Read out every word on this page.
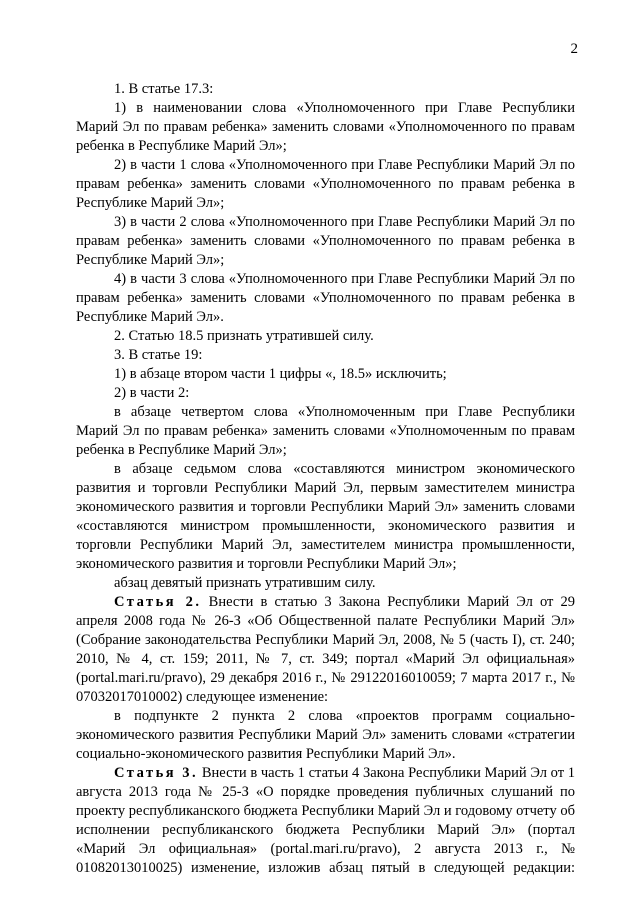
2

1. В статье 17.3:

1) в наименовании слова «Уполномоченного при Главе Республики Марий Эл по правам ребенка» заменить словами «Уполномоченного по правам ребенка в Республике Марий Эл»;

2) в части 1 слова «Уполномоченного при Главе Республики Марий Эл по правам ребенка» заменить словами «Уполномоченного по правам ребенка в Республике Марий Эл»;

3) в части 2 слова «Уполномоченного при Главе Республики Марий Эл по правам ребенка» заменить словами «Уполномоченного по правам ребенка в Республике Марий Эл»;

4) в части 3 слова «Уполномоченного при Главе Республики Марий Эл по правам ребенка» заменить словами «Уполномоченного по правам ребенка в Республике Марий Эл».

2. Статью 18.5 признать утратившей силу.

3. В статье 19:

1) в абзаце втором части 1 цифры «, 18.5» исключить;

2) в части 2:

в абзаце четвертом слова «Уполномоченным при Главе Республики Марий Эл по правам ребенка» заменить словами «Уполномоченным по правам ребенка в Республике Марий Эл»;

в абзаце седьмом слова «составляются министром экономического развития и торговли Республики Марий Эл, первым заместителем министра экономического развития и торговли Республики Марий Эл» заменить словами «составляются министром промышленности, экономического развития и торговли Республики Марий Эл, заместителем министра промышленности, экономического развития и торговли Республики Марий Эл»;

абзац девятый признать утратившим силу.

Статья 2. Внести в статью 3 Закона Республики Марий Эл от 29 апреля 2008 года № 26-З «Об Общественной палате Республики Марий Эл» (Собрание законодательства Республики Марий Эл, 2008, № 5 (часть I), ст. 240; 2010, № 4, ст. 159; 2011, № 7, ст. 349; портал «Марий Эл официальная» (portal.mari.ru/pravo), 29 декабря 2016 г., № 29122016010059; 7 марта 2017 г., № 07032017010002) следующее изменение:

в подпункте 2 пункта 2 слова «проектов программ социально-экономического развития Республики Марий Эл» заменить словами «стратегии социально-экономического развития Республики Марий Эл».

Статья 3. Внести в часть 1 статьи 4 Закона Республики Марий Эл от 1 августа 2013 года № 25-З «О порядке проведения публичных слушаний по проекту республиканского бюджета Республики Марий Эл и годовому отчету об исполнении республиканского бюджета Республики Марий Эл» (портал «Марий Эл официальная» (portal.mari.ru/pravo), 2 августа 2013 г., № 01082013010025) изменение, изложив абзац пятый в следующей редакции:
